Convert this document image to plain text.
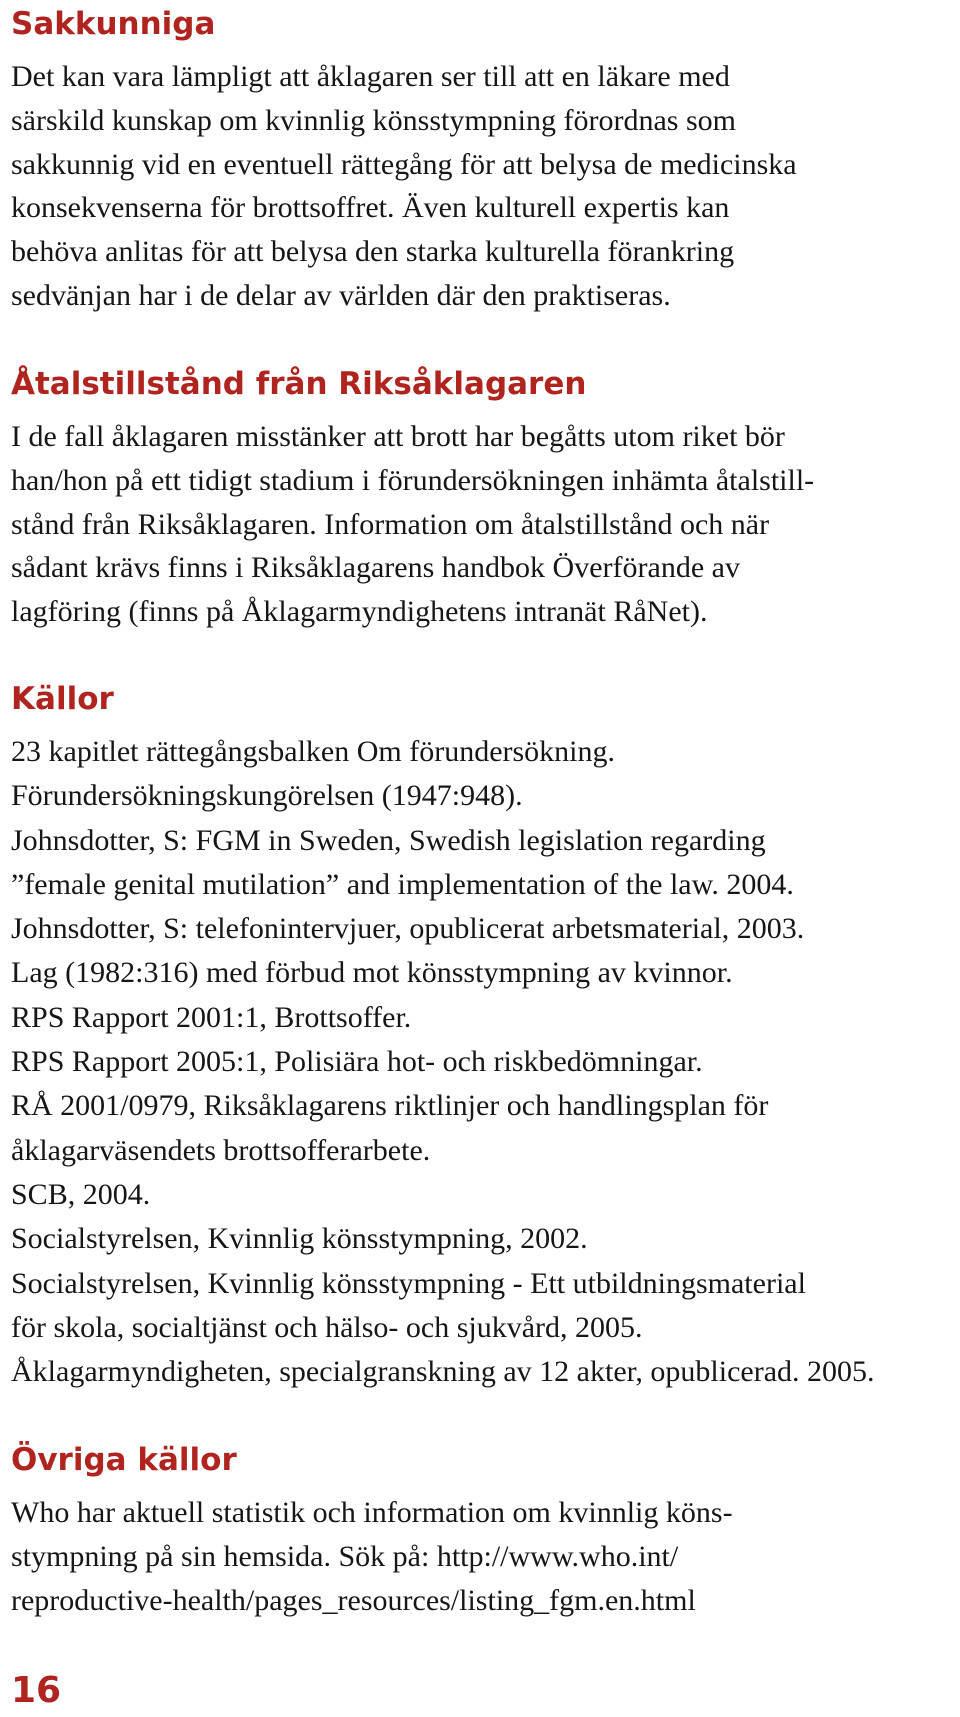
Sakkunniga
Det kan vara lämpligt att åklagaren ser till att en läkare med
särskild kunskap om kvinnlig könsstympning förordnas som
sakkunnig vid en eventuell rättegång för att belysa de medicinska
konsekvenserna för brottsoffret. Även kulturell expertis kan
behöva anlitas för att belysa den starka kulturella förankring
sedvänjan har i de delar av världen där den praktiseras.
Åtalstillstånd från Riksåklagaren
I de fall åklagaren misstänker att brott har begåtts utom riket bör
han/hon på ett tidigt stadium i förundersökningen inhämta åtalstill-
stånd från Riksåklagaren. Information om åtalstillstånd och när
sådant krävs finns i Riksåklagarens handbok Överförande av
lagföring (finns på Åklagarmyndighetens intranät RåNet).
Källor
23 kapitlet rättegångsbalken Om förundersökning.
Förundersökningskungörelsen (1947:948).
Johnsdotter, S: FGM in Sweden, Swedish legislation regarding
”female genital mutilation” and implementation of the law. 2004.
Johnsdotter, S: telefonintervjuer, opublicerat arbetsmaterial, 2003.
Lag (1982:316) med förbud mot könsstympning av kvinnor.
RPS Rapport 2001:1, Brottsoffer.
RPS Rapport 2005:1, Polisiära hot- och riskbedömningar.
RÅ 2001/0979, Riksåklagarens riktlinjer och handlingsplan för
åklagarväsendets brottsofferarbete.
SCB, 2004.
Socialstyrelsen, Kvinnlig könsstympning, 2002.
Socialstyrelsen, Kvinnlig könsstympning - Ett utbildningsmaterial
för skola, socialtjänst och hälso- och sjukvård, 2005.
Åklagarmyndigheten, specialgranskning av 12 akter, opublicerad. 2005.
Övriga källor
Who har aktuell statistik och information om kvinnlig köns-
stympning på sin hemsida. Sök på: http://www.who.int/
reproductive-health/pages_resources/listing_fgm.en.html
16
